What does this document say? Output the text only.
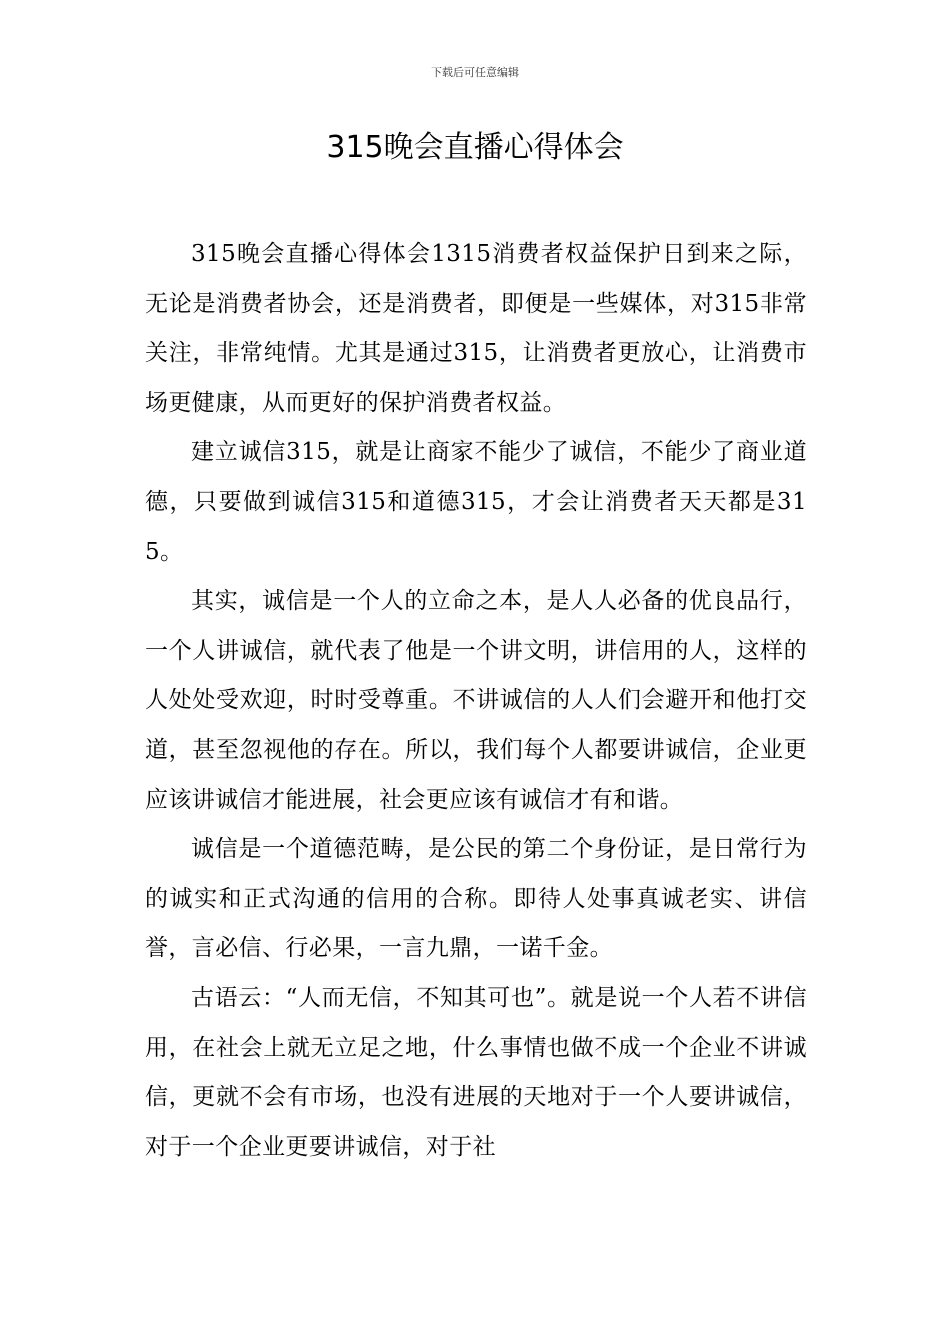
下载后可任意编辑
315晚会直播心得体会

315晚会直播心得体会1315消费者权益保护日到来之际，无论是消费者协会，还是消费者，即便是一些媒体，对315非常关注，非常纯情。尤其是通过315，让消费者更放心，让消费市场更健康，从而更好的保护消费者权益。

建立诚信315，就是让商家不能少了诚信，不能少了商业道德，只要做到诚信315和道德315，才会让消费者天天都是315。

其实，诚信是一个人的立命之本，是人人必备的优良品行，一个人讲诚信，就代表了他是一个讲文明，讲信用的人，这样的人处处受欢迎，时时受尊重。不讲诚信的人人们会避开和他打交道，甚至忽视他的存在。所以，我们每个人都要讲诚信，企业更应该讲诚信才能进展，社会更应该有诚信才有和谐。

诚信是一个道德范畴，是公民的第二个身份证，是日常行为的诚实和正式沟通的信用的合称。即待人处事真诚老实、讲信誉，言必信、行必果，一言九鼎，一诺千金。

古语云：“人而无信，不知其可也”。就是说一个人若不讲信用，在社会上就无立足之地，什么事情也做不成一个企业不讲诚信，更就不会有市场，也没有进展的天地对于一个人要讲诚信，对于一个企业更要讲诚信，对于社
